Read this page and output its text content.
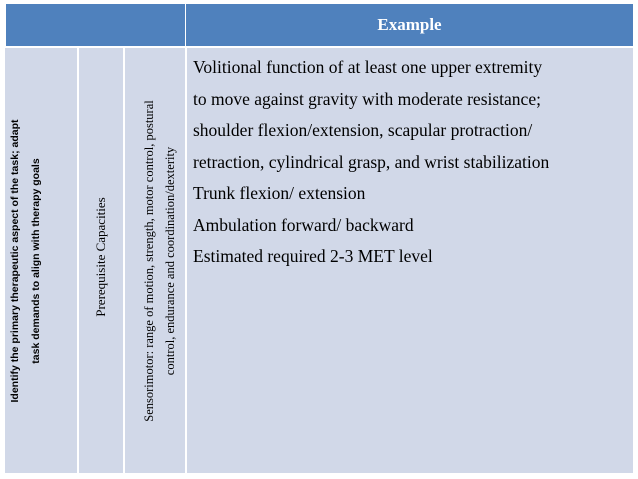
Example
Identify the primary therapeutic aspect of the task; adapt task demands to align with therapy goals	Prerequisite Capacities	Sensorimotor: range of motion, strength, motor control, postural control, endurance and coordination/dexterity
Volitional function of at least one upper extremity
to move against gravity with moderate resistance;
shoulder flexion/extension, scapular protraction/
retraction, cylindrical grasp, and wrist stabilization
Trunk flexion/ extension
Ambulation forward/ backward
Estimated required 2-3 MET level
